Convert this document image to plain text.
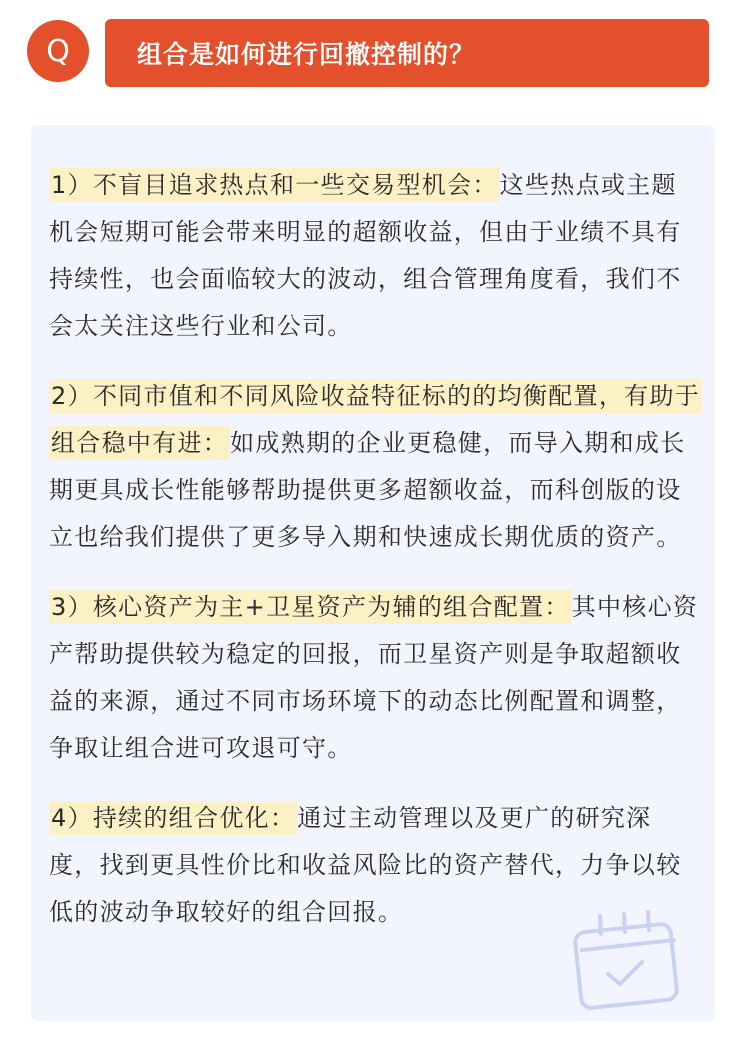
Q	组合是如何进行回撤控制的？

1）不盲目追求热点和一些交易型机会：这些热点或主题机会短期可能会带来明显的超额收益，但由于业绩不具有持续性，也会面临较大的波动，组合管理角度看，我们不会太关注这些行业和公司。

2）不同市值和不同风险收益特征标的的均衡配置，有助于组合稳中有进：如成熟期的企业更稳健，而导入期和成长期更具成长性能够帮助提供更多超额收益，而科创版的设立也给我们提供了更多导入期和快速成长期优质的资产。

3）核心资产为主+卫星资产为辅的组合配置：其中核心资产帮助提供较为稳定的回报，而卫星资产则是争取超额收益的来源，通过不同市场环境下的动态比例配置和调整，争取让组合进可攻退可守。

4）持续的组合优化：通过主动管理以及更广的研究深度，找到更具性价比和收益风险比的资产替代，力争以较低的波动争取较好的组合回报。
